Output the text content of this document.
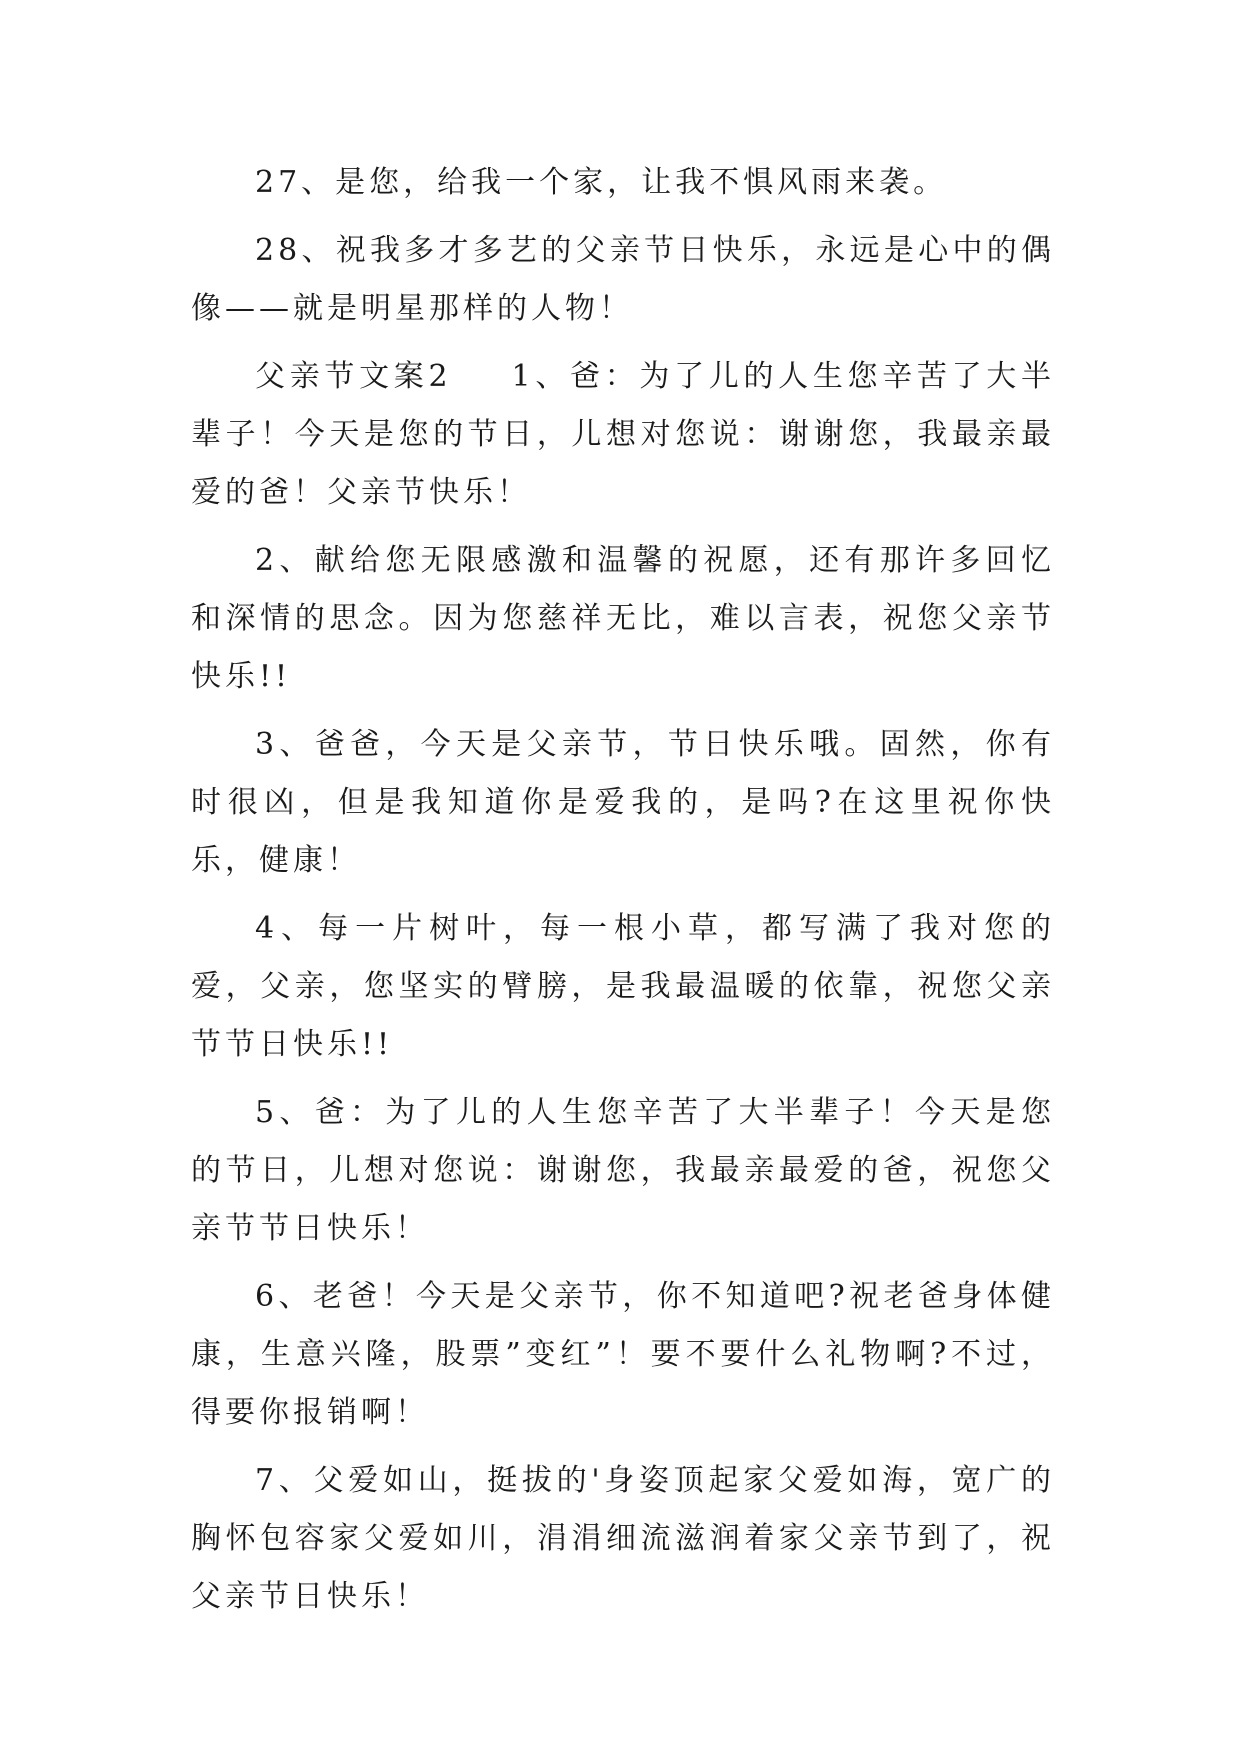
27、是您，给我一个家，让我不惧风雨来袭。

28、祝我多才多艺的父亲节日快乐，永远是心中的偶像——就是明星那样的人物！

父亲节文案2 1、爸：为了儿的人生您辛苦了大半辈子！今天是您的节日，儿想对您说：谢谢您，我最亲最爱的爸！父亲节快乐！

2、献给您无限感激和温馨的祝愿，还有那许多回忆和深情的思念。因为您慈祥无比，难以言表，祝您父亲节快乐!!

3、爸爸，今天是父亲节，节日快乐哦。固然，你有时很凶，但是我知道你是爱我的，是吗?在这里祝你快乐，健康！

4、每一片树叶，每一根小草，都写满了我对您的爱，父亲，您坚实的臂膀，是我最温暖的依靠，祝您父亲节节日快乐!!

5、爸：为了儿的人生您辛苦了大半辈子！今天是您的节日，儿想对您说：谢谢您，我最亲最爱的爸，祝您父亲节节日快乐！

6、老爸！今天是父亲节，你不知道吧?祝老爸身体健康，生意兴隆，股票”变红”！要不要什么礼物啊?不过，得要你报销啊！

7、父爱如山，挺拔的'身姿顶起家父爱如海，宽广的胸怀包容家父爱如川，涓涓细流滋润着家父亲节到了，祝父亲节日快乐！
